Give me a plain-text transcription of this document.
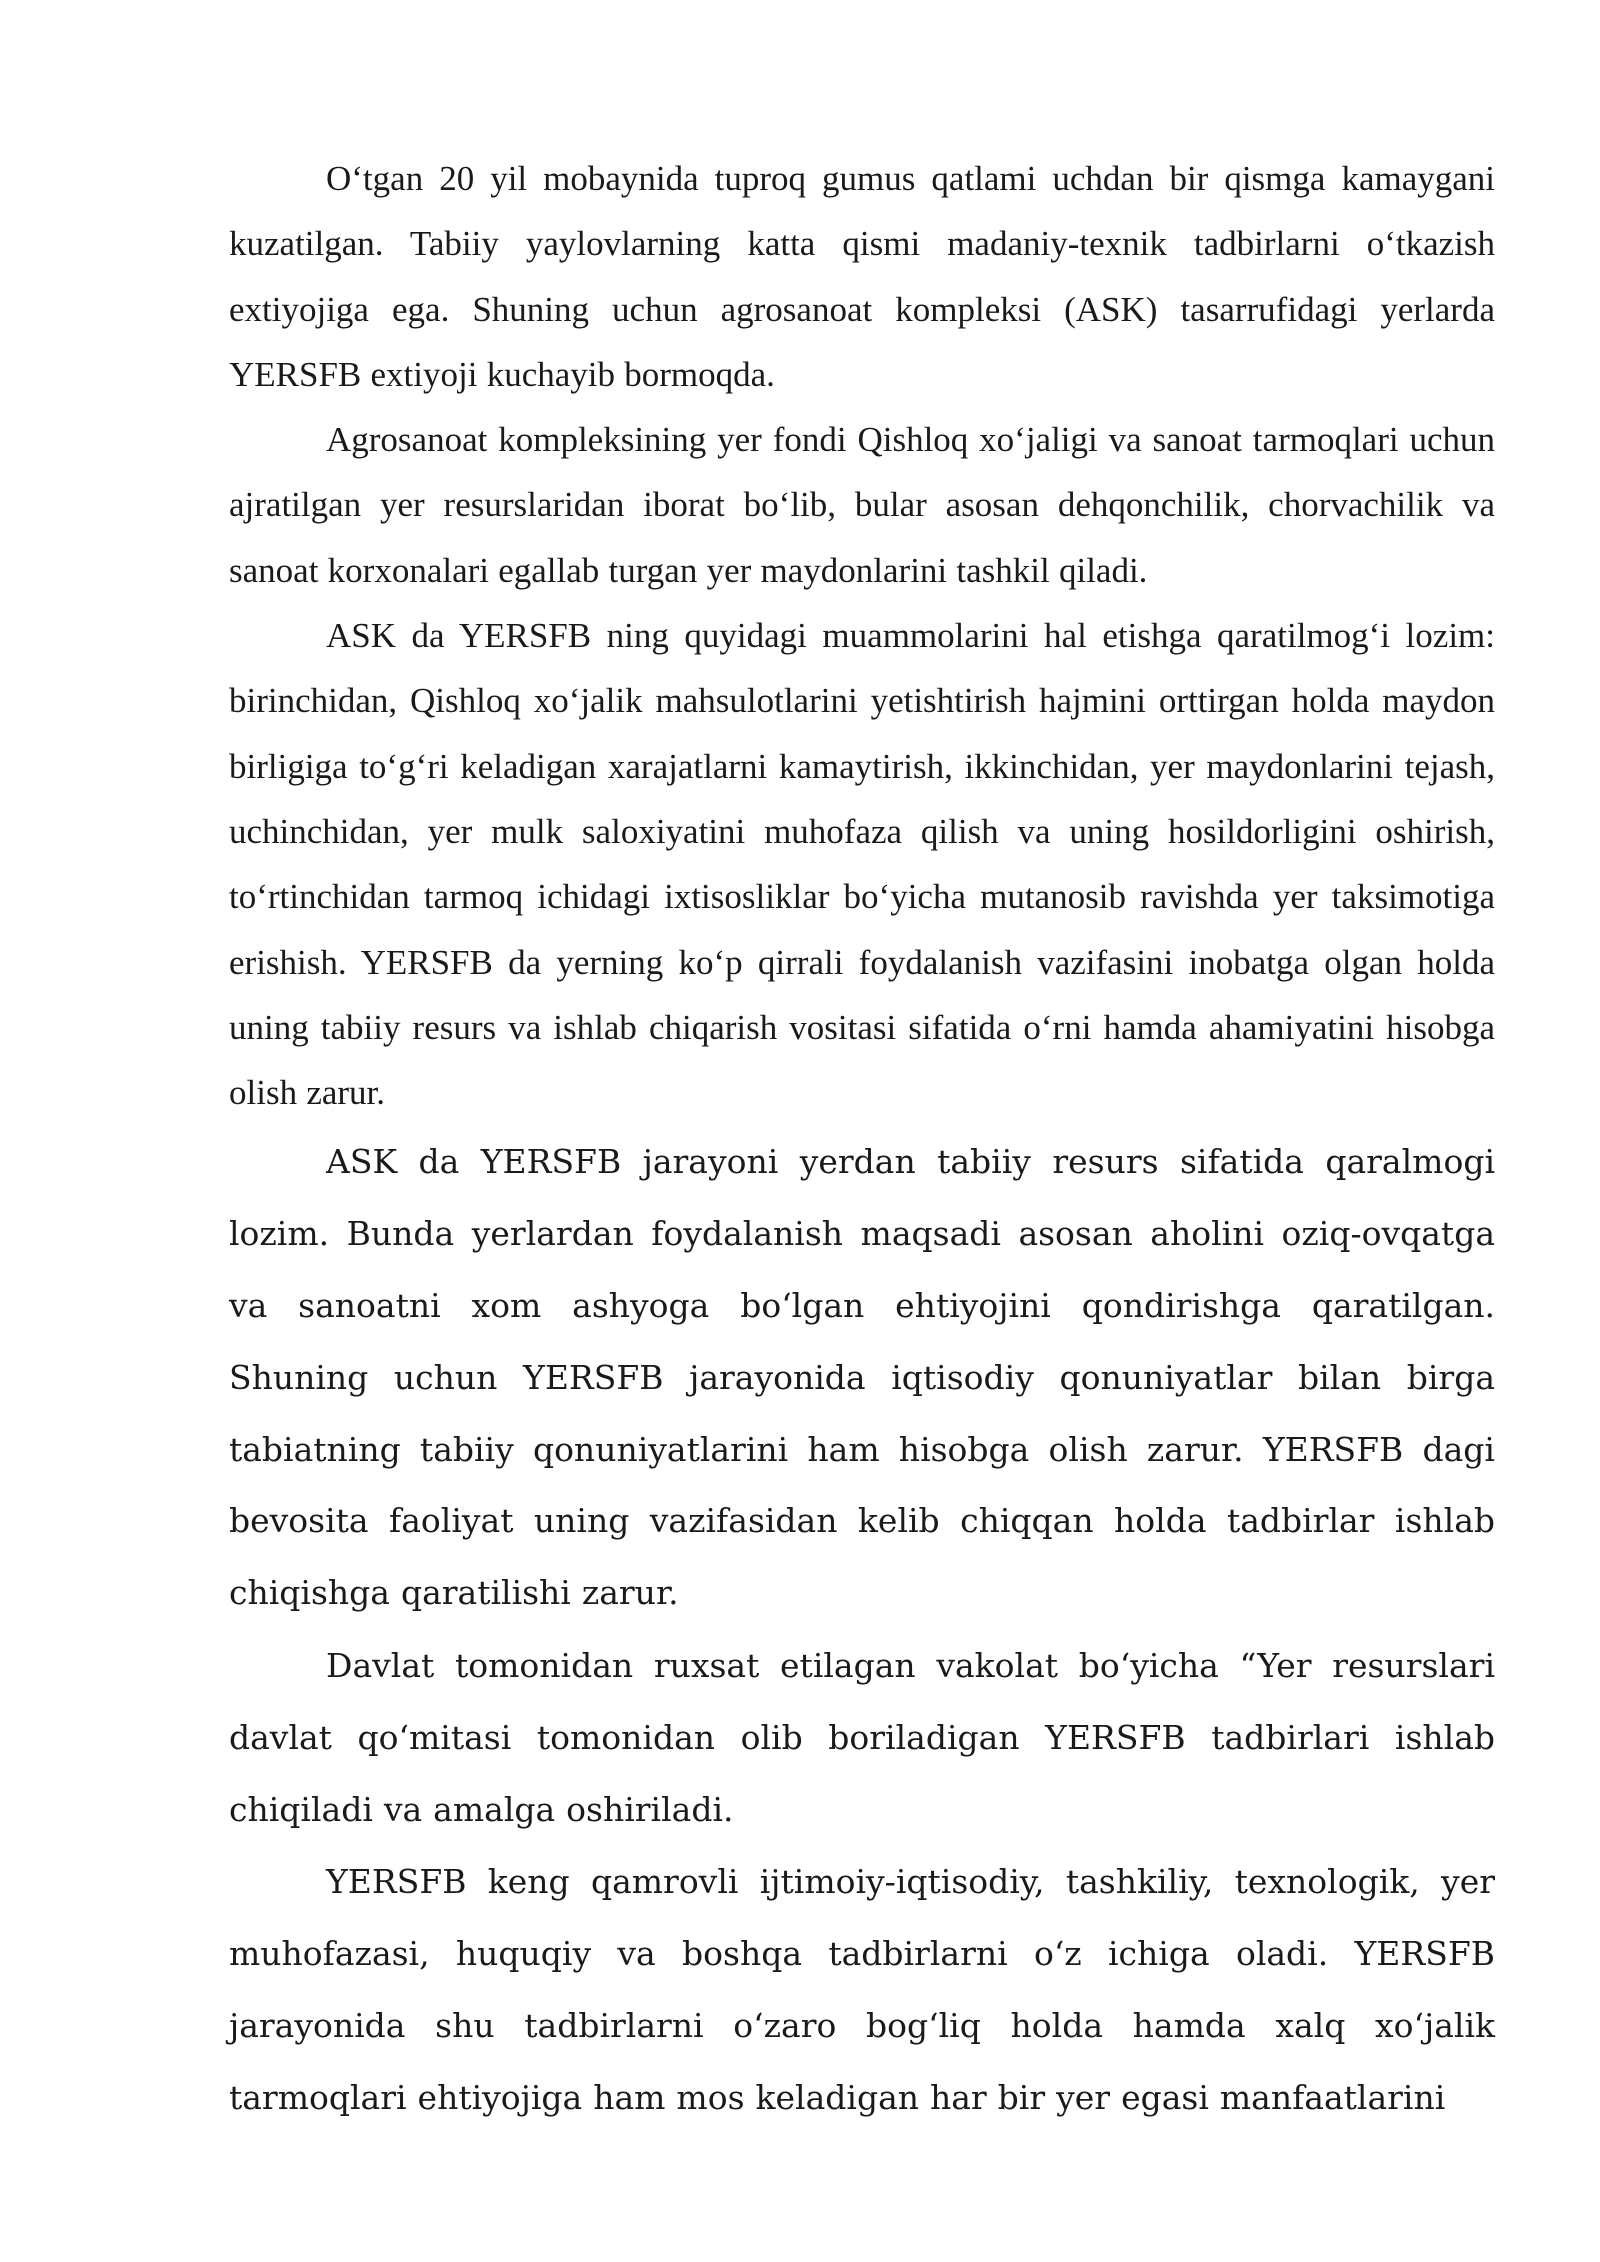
O‘tgan 20 yil mobaynida tuproq gumus qatlami uchdan bir qismga kamaygani kuzatilgan. Tabiiy yaylovlarning katta qismi madaniy-texnik tadbirlarni o‘tkazish extiyojiga ega. Shuning uchun agrosanoat kompleksi (ASK) tasarrufidagi yerlarda YERSFB extiyoji kuchayib bormoqda.

Agrosanoat kompleksining yer fondi Qishloq xo‘jaligi va sanoat tarmoqlari uchun ajratilgan yer resurslaridan iborat bo‘lib, bular asosan dehqonchilik, chorvachilik va sanoat korxonalari egallab turgan yer maydonlarini tashkil qiladi.

ASK da YERSFB ning quyidagi muammolarini hal etishga qaratilmog‘i lozim: birinchidan, Qishloq xo‘jalik mahsulotlarini yetishtirish hajmini orttirgan holda maydon birligiga to‘g‘ri keladigan xarajatlarni kamaytirish, ikkinchidan, yer maydonlarini tejash, uchinchidan, yer mulk saloxiyatini muhofaza qilish va uning hosildorligini oshirish, to‘rtinchidan tarmoq ichidagi ixtisosliklar bo‘yicha mutanosib ravishda yer taksimotiga erishish. YERSFB da yerning ko‘p qirrali foydalanish vazifasini inobatga olgan holda uning tabiiy resurs va ishlab chiqarish vositasi sifatida o‘rni hamda ahamiyatini hisobga olish zarur.

ASK da YERSFB jarayoni yerdan tabiiy resurs sifatida qaralmogi lozim. Bunda yerlardan foydalanish maqsadi asosan aholini oziq-ovqatga va sanoatni xom ashyoga bo‘lgan ehtiyojini qondirishga qaratilgan. Shuning uchun YERSFB jarayonida iqtisodiy qonuniyatlar bilan birga tabiatning tabiiy qonuniyatlarini ham hisobga olish zarur. YERSFB dagi bevosita faoliyat uning vazifasidan kelib chiqqan holda tadbirlar ishlab chiqishga qaratilishi zarur.

Davlat tomonidan ruxsat etilagan vakolat bo‘yicha “Yer resurslari davlat qo‘mitasi tomonidan olib boriladigan YERSFB tadbirlari ishlab chiqiladi va amalga oshiriladi.

YERSFB keng qamrovli ijtimoiy-iqtisodiy, tashkiliy, texnologik, yer muhofazasi, huquqiy va boshqa tadbirlarni o‘z ichiga oladi. YERSFB jarayonida shu tadbirlarni o‘zaro bog‘liq holda hamda xalq xo‘jalik tarmoqlari ehtiyojiga ham mos keladigan har bir yer egasi manfaatlarini
